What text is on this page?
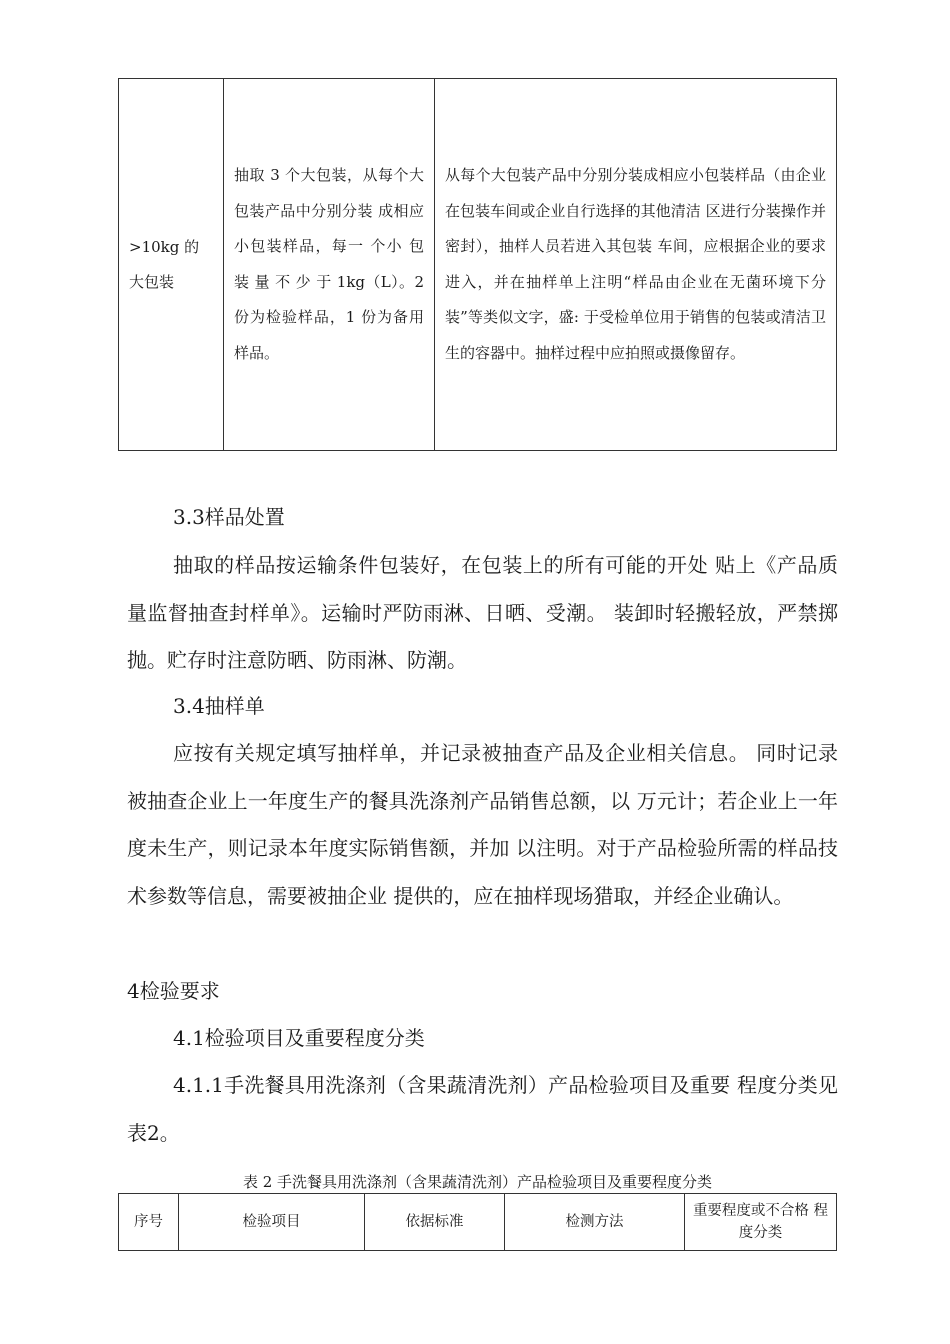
>10kg 的
大包装	抽取 3 个大包装，从每个大包装产品中分别分装 成相应小包装样品，每一 个小 包 装 量 不 少 于 1kg（L）。2 份为检验样品，1 份为备用样品。	从每个大包装产品中分别分装成相应小包装样品（由企业在包装车间或企业自行选择的其他清洁 区进行分装操作并密封），抽样人员若进入其包装 车间，应根据企业的要求进入，并在抽样单上注明“样品由企业在无菌环境下分装”等类似文字，盛: 于受检单位用于销售的包装或清洁卫生的容器中。抽样过程中应拍照或摄像留存。
3.3样品处置
抽取的样品按运输条件包装好，在包装上的所有可能的开处 贴上《产品质量监督抽查封样单》。运输时严防雨淋、日晒、受潮。 装卸时轻搬轻放，严禁掷抛。贮存时注意防晒、防雨淋、防潮。
3.4抽样单
应按有关规定填写抽样单，并记录被抽查产品及企业相关信息。 同时记录被抽查企业上一年度生产的餐具洗涤剂产品销售总额，以 万元计；若企业上一年度未生产，则记录本年度实际销售额，并加 以注明。对于产品检验所需的样品技术参数等信息，需要被抽企业 提供的，应在抽样现场猎取，并经企业确认。
4检验要求
4.1检验项目及重要程度分类
4.1.1手洗餐具用洗涤剂（含果蔬清洗剂）产品检验项目及重要 程度分类见表2。
表 2 手洗餐具用洗涤剂（含果蔬清洗剂）产品检验项目及重要程度分类
序号	检验项目	依据标准	检测方法	重要程度或不合格 程度分类
